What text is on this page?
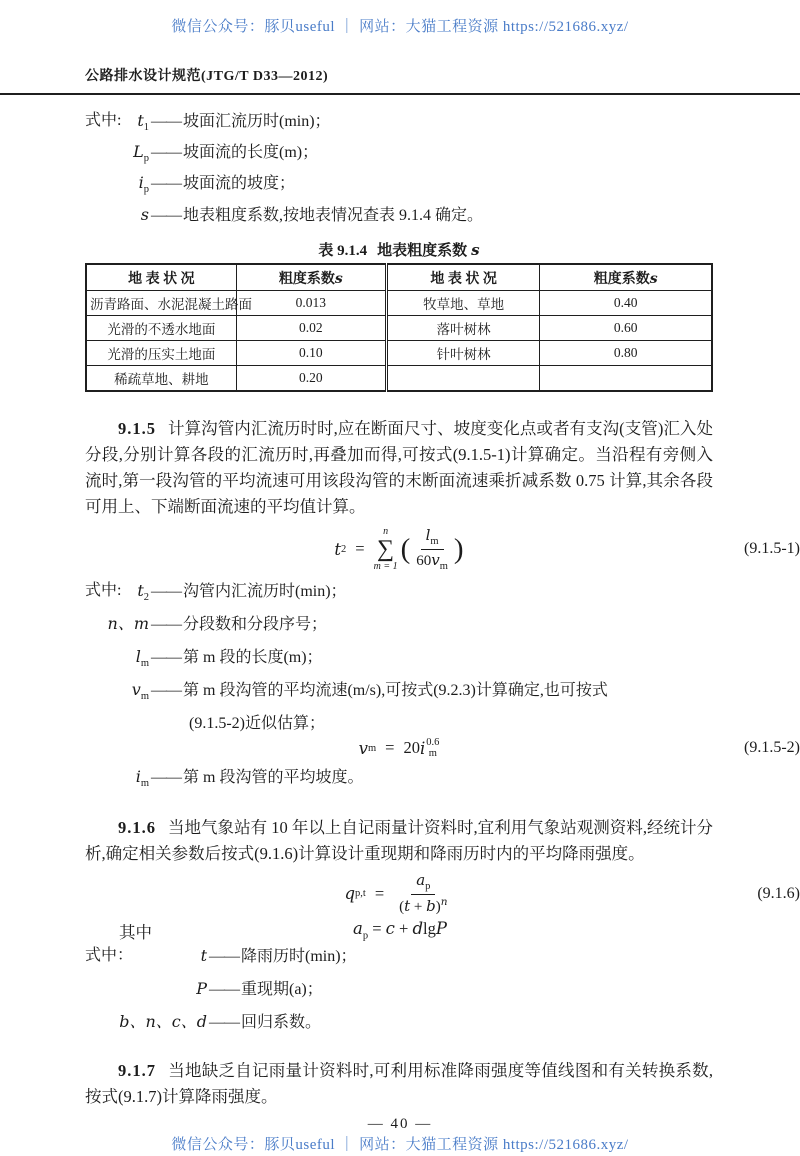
微信公众号：豚贝useful ｜ 网站：大猫工程资源 https://521686.xyz/
公路排水设计规范(JTG/T D33—2012)
式中: $t_1$ —— 坡面汇流历时(min)；
$L_p$ —— 坡面流的长度(m)；
$i_p$ —— 坡面流的坡度；
s —— 地表粗度系数,按地表情况查表 9.1.4 确定。
表 9.1.4 地表粗度系数 s
地 表 状 况	粗度系数s	地 表 状 况	粗度系数s
沥青路面、水泥混凝土路面	0.013	牧草地、草地	0.40
光滑的不透水地面	0.02	落叶树林	0.60
光滑的压实土地面	0.10	针叶树林	0.80
稀疏草地、耕地	0.20		

9.1.5 计算沟管内汇流历时时,应在断面尺寸、坡度变化点或者有支沟(支管)汇入处分段,分别计算各段的汇流历时,再叠加而得,可按式(9.1.5-1)计算确定。当沿程有旁侧入流时,第一段沟管的平均流速可用该段沟管的末断面流速乘折减系数 0.75 计算,其余各段可用上、下端断面流速的平均值计算。

t 2 =
n
∑
m = 1
( $\frac{l_m}{60v_m}$ )	(9.1.5-1)
式中: $t_2$ —— 沟管内汇流历时(min)；
n、m —— 分段数和分段序号；
$l_m$ —— 第 m 段的长度(m)；
$v_m$ —— 第 m 段沟管的平均流速(m/s),可按式(9.2.3)计算确定,也可按式
(9.1.5-2)近似估算；
v m = 20 i 0.6
m	(9.1.5-2)
$i_m$ —— 第 m 段沟管的平均坡度。

9.1.6 当地气象站有 10 年以上自记雨量计资料时,宜利用气象站观测资料,经统计分析,确定相关参数后按式(9.1.6)计算设计重现期和降雨历时内的平均降雨强度。

q $p,t = \frac{a_p}{(t + b)^n}$	(9.1.6)
其中	$a_p = c + dlgP$
式中：	t —— 降雨历时(min)；
P —— 重现期(a)；
b、n、c、d —— 回归系数。

9.1.7 当地缺乏自记雨量计资料时,可利用标准降雨强度等值线图和有关转换系数,按式(9.1.7)计算降雨强度。

— 40 —
微信公众号：豚贝useful ｜ 网站：大猫工程资源 https://521686.xyz/
